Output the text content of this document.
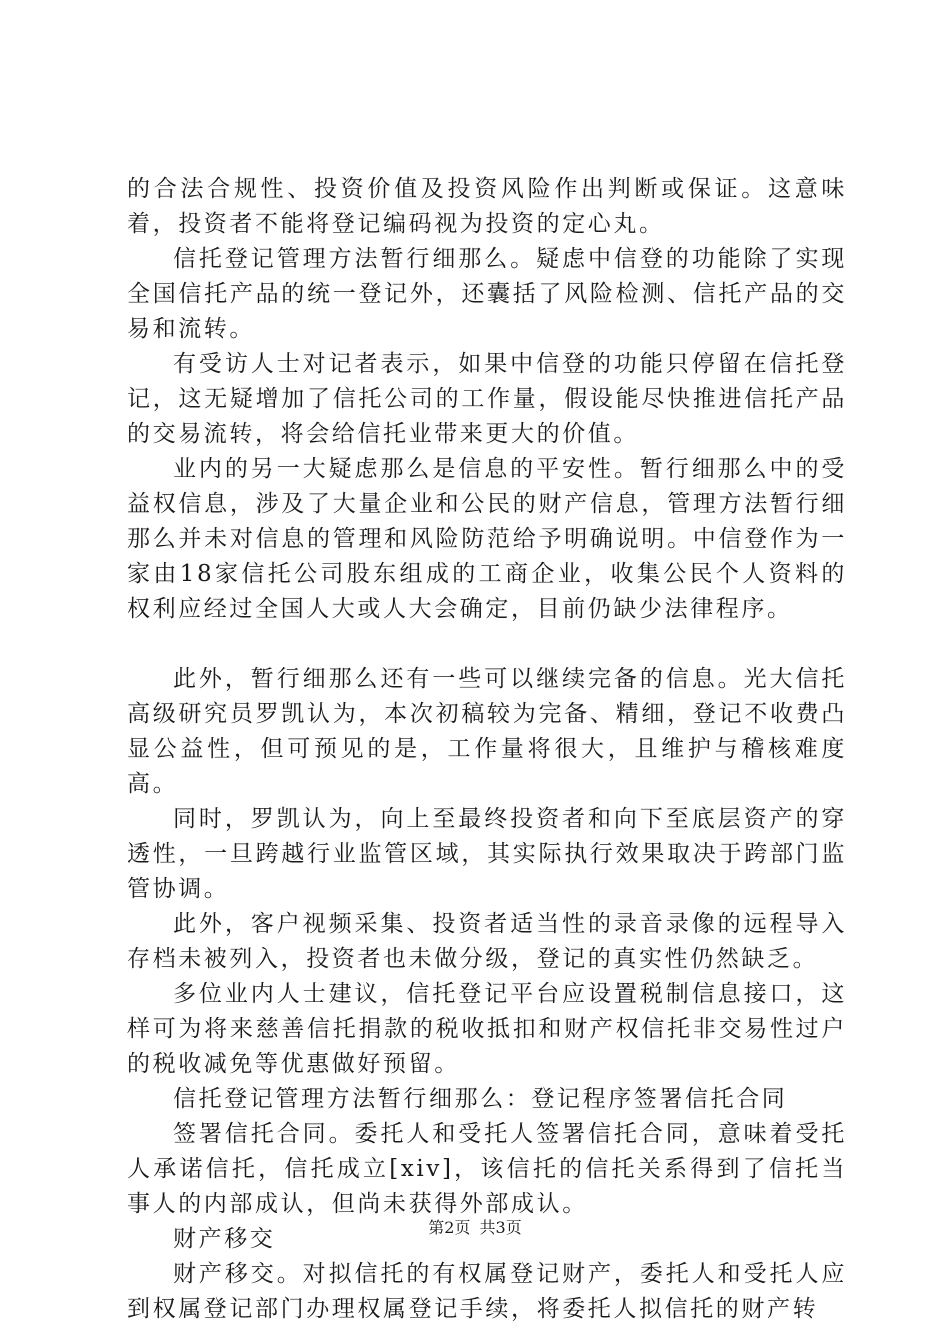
的合法合规性、投资价值及投资风险作出判断或保证。这意味着，投资者不能将登记编码视为投资的定心丸。

信托登记管理方法暂行细那么。疑虑中信登的功能除了实现全国信托产品的统一登记外，还囊括了风险检测、信托产品的交易和流转。

有受访人士对记者表示，如果中信登的功能只停留在信托登记，这无疑增加了信托公司的工作量，假设能尽快推进信托产品的交易流转，将会给信托业带来更大的价值。

业内的另一大疑虑那么是信息的平安性。暂行细那么中的受益权信息，涉及了大量企业和公民的财产信息，管理方法暂行细那么并未对信息的管理和风险防范给予明确说明。中信登作为一家由18家信托公司股东组成的工商企业，收集公民个人资料的权利应经过全国人大或人大会确定，目前仍缺少法律程序。

此外，暂行细那么还有一些可以继续完备的信息。光大信托高级研究员罗凯认为，本次初稿较为完备、精细，登记不收费凸显公益性，但可预见的是，工作量将很大，且维护与稽核难度高。

同时，罗凯认为，向上至最终投资者和向下至底层资产的穿透性，一旦跨越行业监管区域，其实际执行效果取决于跨部门监管协调。

此外，客户视频采集、投资者适当性的录音录像的远程导入存档未被列入，投资者也未做分级，登记的真实性仍然缺乏。

多位业内人士建议，信托登记平台应设置税制信息接口，这样可为将来慈善信托捐款的税收抵扣和财产权信托非交易性过户的税收减免等优惠做好预留。

信托登记管理方法暂行细那么：登记程序签署信托合同

签署信托合同。委托人和受托人签署信托合同，意味着受托人承诺信托，信托成立[xiv]，该信托的信托关系得到了信托当事人的内部成认，但尚未获得外部成认。

财产移交

财产移交。对拟信托的有权属登记财产，委托人和受托人应到权属登记部门办理权属登记手续，将委托人拟信托的财产转

第2页 共3页
